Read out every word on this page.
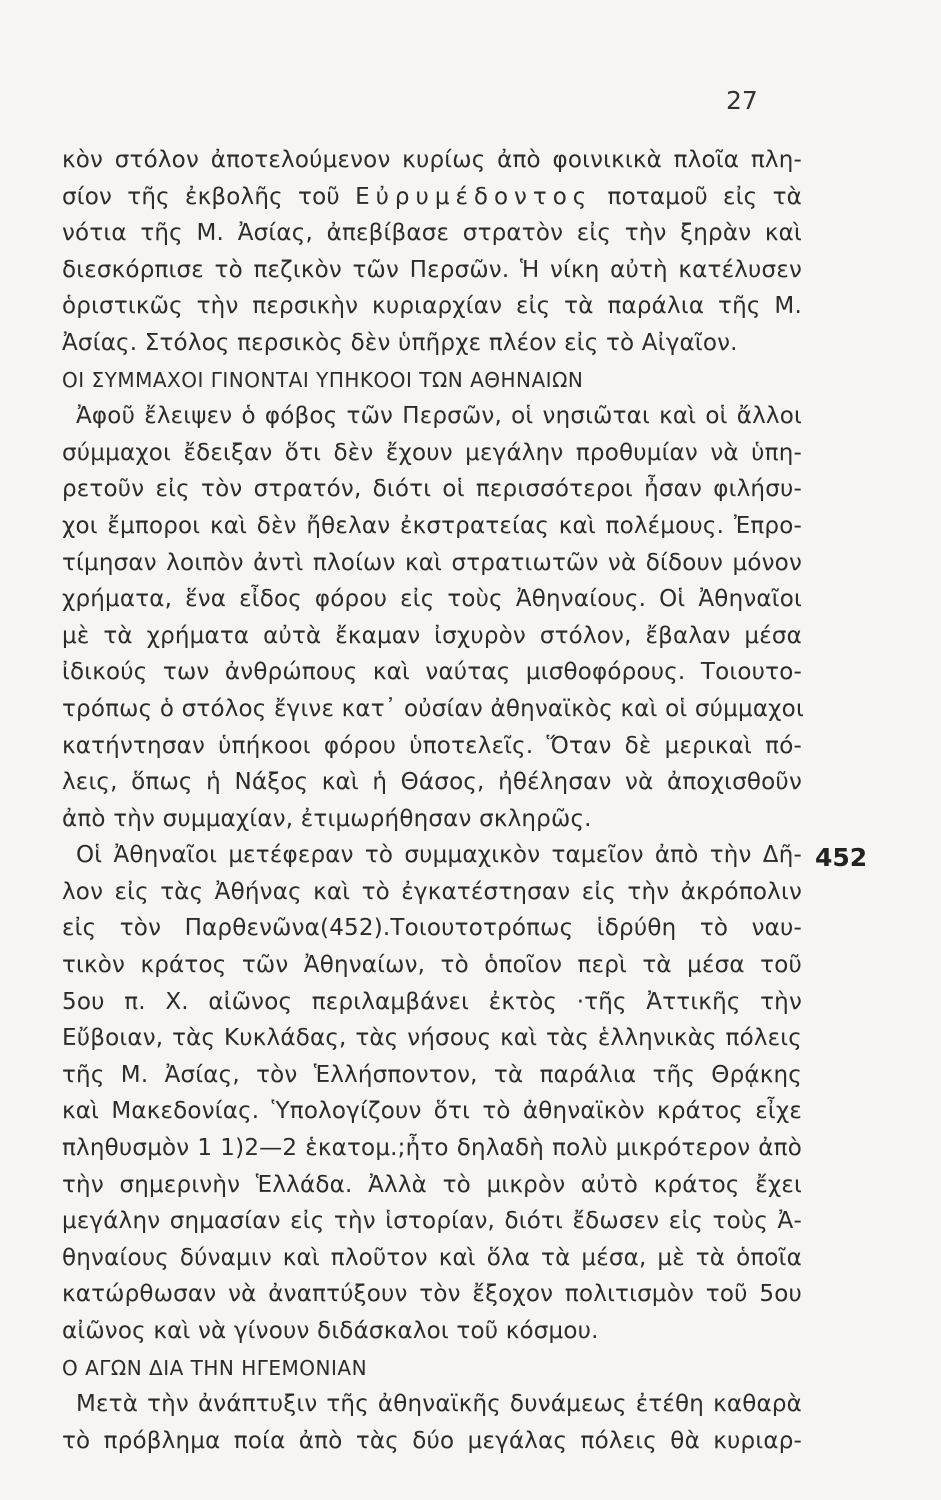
27
κὸν στόλον ἀποτελούμενον κυρίως ἀπὸ φοινικικὰ πλοῖα πλη-
σίον τῆς ἐκβολῆς τοῦ Εὐρυμέδοντος ποταμοῦ εἰς τὰ
νότια τῆς Μ. Ἀσίας, ἀπεβίβασε στρατὸν εἰς τὴν ξηρὰν καὶ
διεσκόρπισε τὸ πεζικὸν τῶν Περσῶν. Ἡ νίκη αὐτὴ κατέλυσεν
ὁριστικῶς τὴν περσικὴν κυριαρχίαν εἰς τὰ παράλια τῆς Μ.
Ἀσίας. Στόλος περσικὸς δὲν ὑπῆρχε πλέον εἰς τὸ Αἰγαῖον.
ΟΙ ΣΥΜΜΑΧΟΙ ΓΙΝΟΝΤΑΙ ΥΠΗΚΟΟΙ ΤΩΝ ΑΘΗΝΑΙΩΝ
Ἀφοῦ ἔλειψεν ὁ φόβος τῶν Περσῶν, οἱ νησιῶται καὶ οἱ ἄλλοι
σύμμαχοι ἔδειξαν ὅτι δὲν ἔχουν μεγάλην προθυμίαν νὰ ὑπη-
ρετοῦν εἰς τὸν στρατόν, διότι οἱ περισσότεροι ἦσαν φιλήσυ-
χοι ἔμποροι καὶ δὲν ἤθελαν ἐκστρατείας καὶ πολέμους. Ἐπρο-
τίμησαν λοιπὸν ἀντὶ πλοίων καὶ στρατιωτῶν νὰ δίδουν μόνον
χρήματα, ἕνα εἶδος φόρου εἰς τοὺς Ἀθηναίους. Οἱ Ἀθηναῖοι
μὲ τὰ χρήματα αὐτὰ ἔκαμαν ἰσχυρὸν στόλον, ἔβαλαν μέσα
ἰδικούς των ἀνθρώπους καὶ ναύτας μισθοφόρους. Τοιουτο-
τρόπως ὁ στόλος ἔγινε κατ᾽ οὐσίαν ἀθηναϊκὸς καὶ οἱ σύμμαχοι
κατήντησαν ὑπήκοοι φόρου ὑποτελεῖς. Ὅταν δὲ μερικαὶ πό-
λεις, ὅπως ἡ Νάξος καὶ ἡ Θάσος, ἠθέλησαν νὰ ἀποχισθοῦν
ἀπὸ τὴν συμμαχίαν, ἐτιμωρήθησαν σκληρῶς.
Οἱ Ἀθηναῖοι μετέφεραν τὸ συμμαχικὸν ταμεῖον ἀπὸ τὴν Δῆ-
λον εἰς τὰς Ἀθήνας καὶ τὸ ἐγκατέστησαν εἰς τὴν ἀκρόπολιν
εἰς τὸν Παρθενῶνα(452).Τοιουτοτρόπως ἱδρύθη τὸ ναυ-
τικὸν κράτος τῶν Ἀθηναίων, τὸ ὁποῖον περὶ τὰ μέσα τοῦ
5ου π. Χ. αἰῶνος περιλαμβάνει ἐκτὸς ·τῆς Ἀττικῆς τὴν
Εὔβοιαν, τὰς Κυκλάδας, τὰς νήσους καὶ τὰς ἑλληνικὰς πόλεις
τῆς Μ. Ἀσίας, τὸν Ἑλλήσποντον, τὰ παράλια τῆς Θρᾴκης
καὶ Μακεδονίας. Ὑπολογίζουν ὅτι τὸ ἀθηναϊκὸν κράτος εἶχε
πληθυσμὸν 1 1)2—2 ἑκατομ.;ἦτο δηλαδὴ πολὺ μικρότερον ἀπὸ
τὴν σημερινὴν Ἑλλάδα. Ἀλλὰ τὸ μικρὸν αὐτὸ κράτος ἔχει
μεγάλην σημασίαν εἰς τὴν ἱστορίαν, διότι ἔδωσεν εἰς τοὺς Ἀ-
θηναίους δύναμιν καὶ πλοῦτον καὶ ὅλα τὰ μέσα, μὲ τὰ ὁποῖα
κατώρθωσαν νὰ ἀναπτύξουν τὸν ἔξοχον πολιτισμὸν τοῦ 5ου
αἰῶνος καὶ νὰ γίνουν διδάσκαλοι τοῦ κόσμου.
Ο ΑΓΩΝ ΔΙΑ ΤΗΝ ΗΓΕΜΟΝΙΑΝ
Μετὰ τὴν ἀνάπτυξιν τῆς ἀθηναϊκῆς δυνάμεως ἐτέθη καθαρὰ
τὸ πρόβλημα ποία ἀπὸ τὰς δύο μεγάλας πόλεις θὰ κυριαρ-
452
